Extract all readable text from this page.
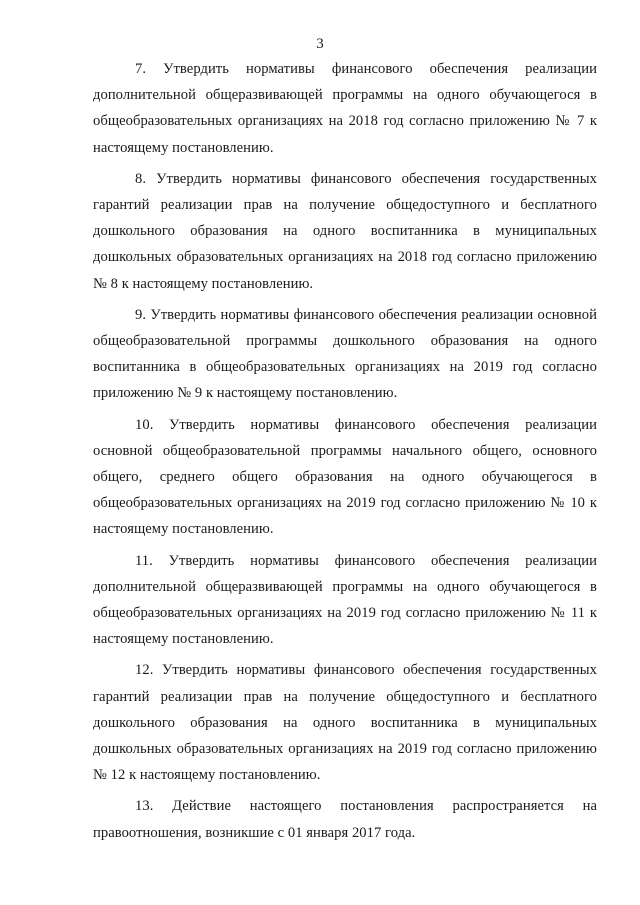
3

7. Утвердить нормативы финансового обеспечения реализации дополнительной общеразвивающей программы на одного обучающегося в общеобразовательных организациях на 2018 год согласно приложению № 7 к настоящему постановлению.

8. Утвердить нормативы финансового обеспечения государственных гарантий реализации прав на получение общедоступного и бесплатного дошкольного образования на одного воспитанника в муниципальных дошкольных образовательных организациях на 2018 год согласно приложению № 8 к настоящему постановлению.

9. Утвердить нормативы финансового обеспечения реализации основной общеобразовательной программы дошкольного образования на одного воспитанника в общеобразовательных организациях на 2019 год согласно приложению № 9 к настоящему постановлению.

10. Утвердить нормативы финансового обеспечения реализации основной общеобразовательной программы начального общего, основного общего, среднего общего образования на одного обучающегося в общеобразовательных организациях на 2019 год согласно приложению № 10 к настоящему постановлению.

11. Утвердить нормативы финансового обеспечения реализации дополнительной общеразвивающей программы на одного обучающегося в общеобразовательных организациях на 2019 год согласно приложению № 11 к настоящему постановлению.

12. Утвердить нормативы финансового обеспечения государственных гарантий реализации прав на получение общедоступного и бесплатного дошкольного образования на одного воспитанника в муниципальных дошкольных образовательных организациях на 2019 год согласно приложению № 12 к настоящему постановлению.

13. Действие настоящего постановления распространяется на правоотношения, возникшие с 01 января 2017 года.
